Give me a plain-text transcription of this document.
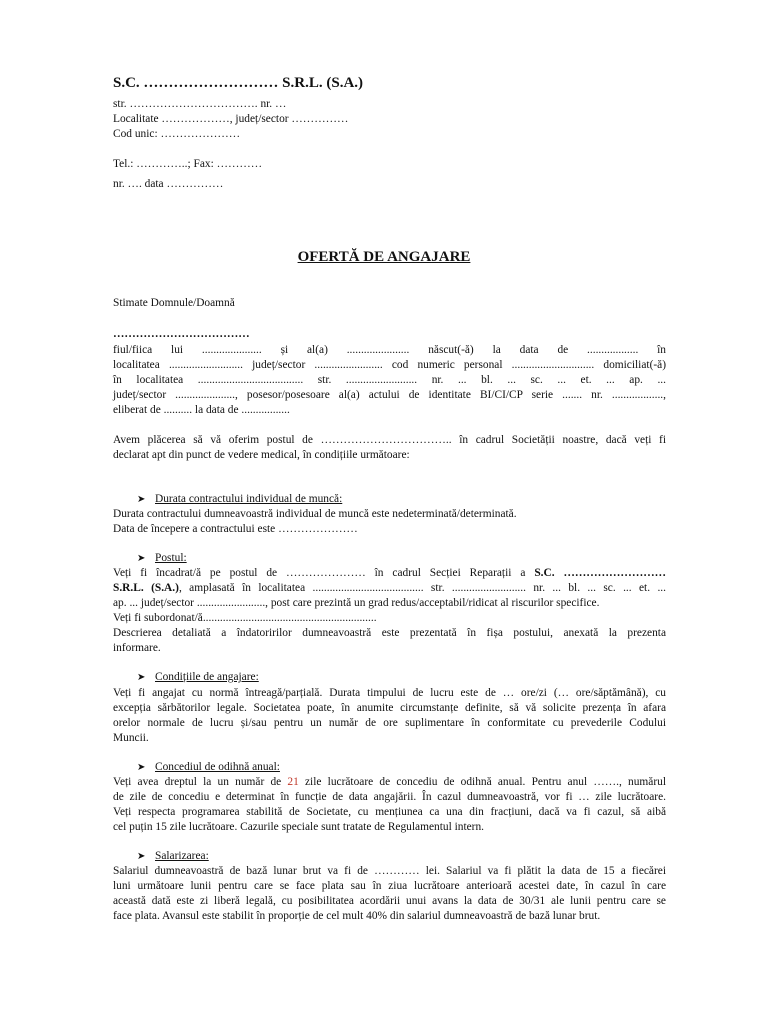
S.C. ……………………… S.R.L. (S.A.)
str. ……………………………. nr. …
Localitate ………………, județ/sector ……………
Cod unic: …………………
Tel.: …………..; Fax: …………
nr. …. data ……………
OFERTĂ DE ANGAJARE
Stimate Domnule/Doamnă
………………………………
fiul/fiica lui ..................... și al(a) ...................... născut(-ă) la data de .................. în
localitatea .......................... județ/sector ........................ cod numeric personal ............................. domiciliat(-ă)
în localitatea ..................................... str. ......................... nr. ... bl. ... sc. ... et. ... ap. ...
județ/sector ....................., posesor/posesoare al(a) actului de identitate BI/CI/CP serie ....... nr. ..................,
eliberat de .......... la data de .................
Avem plăcerea să vă oferim postul de …………………………….. în cadrul Societății noastre, dacă veți fi
declarat apt din punct de vedere medical, în condițiile următoare:
➤ Durata contractului individual de muncă:
Durata contractului dumneavoastră individual de muncă este nedeterminată/determinată.
Data de începere a contractului este …………………
➤ Postul:
Veți fi încadrat/ă pe postul de ………………… în cadrul Secției Reparații a S.C. ………………………
S.R.L. (S.A.), amplasată în localitatea ....................................... str. .......................... nr. ... bl. ... sc. ... et. ...
ap. ... județ/sector ........................, post care prezintă un grad redus/acceptabil/ridicat al riscurilor specifice.
Veți fi subordonat/ă.............................................................
Descrierea detaliată a îndatoririlor dumneavoastră este prezentată în fișa postului, anexată la prezenta
informare.
➤ Condițiile de angajare:
Veți fi angajat cu normă întreagă/parțială. Durata timpului de lucru este de … ore/zi (… ore/săptămână), cu
excepția sărbătorilor legale. Societatea poate, în anumite circumstanțe definite, să vă solicite prezența în afara
orelor normale de lucru și/sau pentru un număr de ore suplimentare în conformitate cu prevederile Codului
Muncii.
➤ Concediul de odihnă anual:
Veți avea dreptul la un număr de 21 zile lucrătoare de concediu de odihnă anual. Pentru anul ……., numărul
de zile de concediu e determinat în funcție de data angajării. În cazul dumneavoastră, vor fi … zile lucrătoare.
Veți respecta programarea stabilită de Societate, cu mențiunea ca una din fracțiuni, dacă va fi cazul, să aibă
cel puțin 15 zile lucrătoare. Cazurile speciale sunt tratate de Regulamentul intern.
➤ Salarizarea:
Salariul dumneavoastră de bază lunar brut va fi de ………… lei. Salariul va fi plătit la data de 15 a fiecărei
luni următoare lunii pentru care se face plata sau în ziua lucrătoare anterioară acestei date, în cazul în care
această dată este zi liberă legală, cu posibilitatea acordării unui avans la data de 30/31 ale lunii pentru care se
face plata. Avansul este stabilit în proporție de cel mult 40% din salariul dumneavoastră de bază lunar brut.
